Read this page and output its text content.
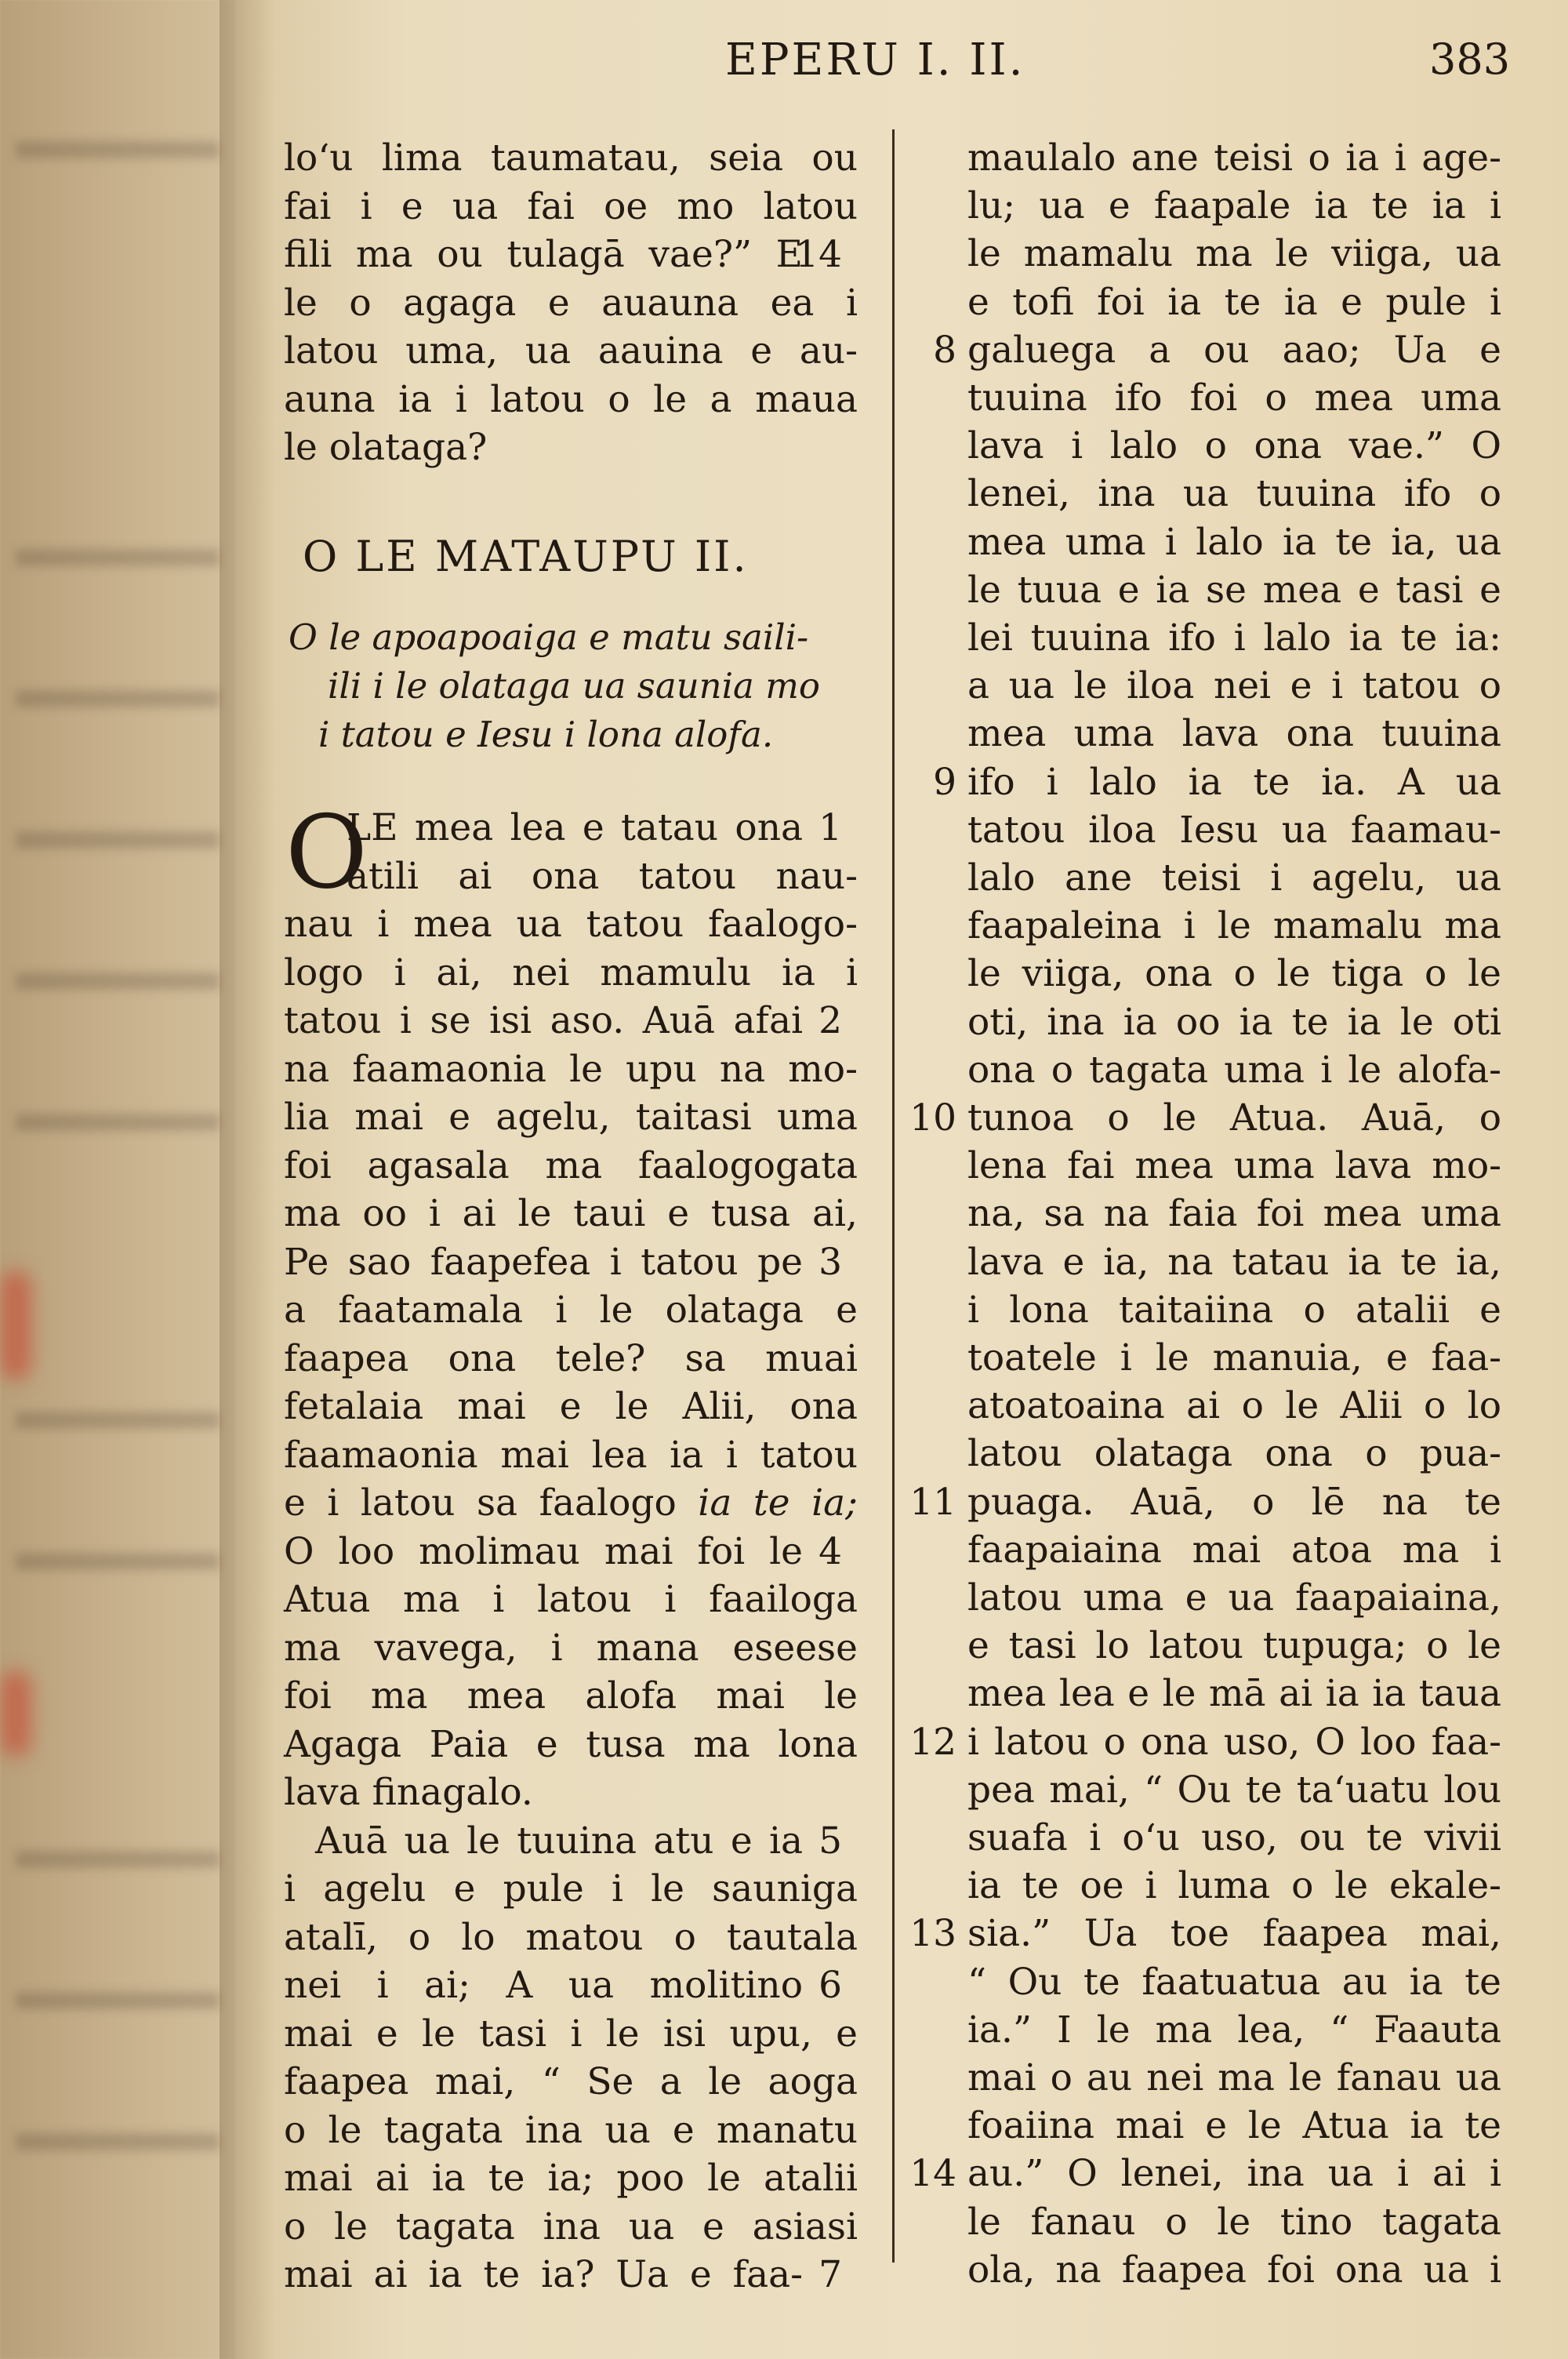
EPERU I. II.	383
O LE MATAUPU II.
O le apoapoaiga e matu saili-
ili i le olataga ua saunia mo
i tatou e Iesu i lona alofa.
O
lo‘u lima taumatau, seia ou
fai i e ua fai oe mo latou
fili ma ou tulagā vae?” E
14
le o agaga e auauna ea i
latou uma, ua aauina e au-
auna ia i latou o le a maua
le olataga?
LE mea lea e tatau ona 1
atili ai ona tatou nau-
nau i mea ua tatou faalogo-
logo i ai, nei mamulu ia i
tatou i se isi aso. Auā afai 2
na faamaonia le upu na mo-
lia mai e agelu, taitasi uma
foi agasala ma faalogogata
ma oo i ai le taui e tusa ai,
Pe sao faapefea i tatou pe 3
a faatamala i le olataga e
faapea ona tele? sa muai
fetalaia mai e le Alii, ona
faamaonia mai lea ia i tatou
e i latou sa faalogo ia te ia;
O loo molimau mai foi le 4
Atua ma i latou i faailoga
ma vavega, i mana eseese
foi ma mea alofa mai le
Agaga Paia e tusa ma lona
lava finagalo.
Auā ua le tuuina atu e ia 5
i agelu e pule i le sauniga
atalī, o lo matou o tautala
nei i ai; A ua molitino 6
mai e le tasi i le isi upu, e
faapea mai, “ Se a le aoga
o le tagata ina ua e manatu
mai ai ia te ia; poo le atalii
o le tagata ina ua e asiasi
mai ai ia te ia? Ua e faa- 7
maulalo ane teisi o ia i age-
lu; ua e faapale ia te ia i
le mamalu ma le viiga, ua
e tofi foi ia te ia e pule i
galuega a ou aao; Ua e
8
tuuina ifo foi o mea uma
lava i lalo o ona vae.” O
lenei, ina ua tuuina ifo o
mea uma i lalo ia te ia, ua
le tuua e ia se mea e tasi e
lei tuuina ifo i lalo ia te ia:
a ua le iloa nei e i tatou o
mea uma lava ona tuuina
ifo i lalo ia te ia. A ua
9
tatou iloa Iesu ua faamau-
lalo ane teisi i agelu, ua
faapaleina i le mamalu ma
le viiga, ona o le tiga o le
oti, ina ia oo ia te ia le oti
ona o tagata uma i le alofa-
tunoa o le Atua. Auā, o
10
lena fai mea uma lava mo-
na, sa na faia foi mea uma
lava e ia, na tatau ia te ia,
i lona taitaiina o atalii e
toatele i le manuia, e faa-
atoatoaina ai o le Alii o lo
latou olataga ona o pua-
puaga. Auā, o lē na te
11
faapaiaina mai atoa ma i
latou uma e ua faapaiaina,
e tasi lo latou tupuga; o le
mea lea e le mā ai ia ia taua
i latou o ona uso, O loo faa-
12
pea mai, “ Ou te ta‘uatu lou
suafa i o‘u uso, ou te vivii
ia te oe i luma o le ekale-
sia.” Ua toe faapea mai,
13
“ Ou te faatuatua au ia te
ia.” I le ma lea, “ Faauta
mai o au nei ma le fanau ua
foaiina mai e le Atua ia te
au.” O lenei, ina ua i ai i
14
le fanau o le tino tagata
ola, na faapea foi ona ua i
